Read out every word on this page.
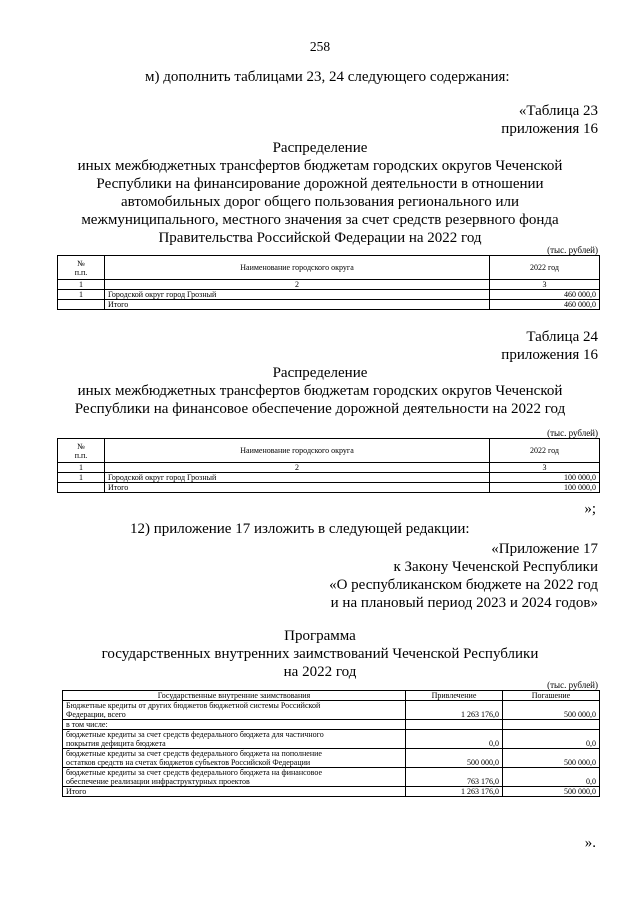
258
м) дополнить таблицами 23, 24 следующего содержания:
«Таблица 23
приложения 16
Распределение
иных межбюджетных трансфертов бюджетам городских округов Чеченской
Республики на финансирование дорожной деятельности в отношении
автомобильных дорог общего пользования регионального или
межмуниципального, местного значения за счет средств резервного фонда
Правительства Российской Федерации на 2022 год
(тыс. рублей)
№
п.п.	Наименование городского округа	2022 год
1	2	3
1	Городской округ город Грозный	460 000,0
	Итого	460 000,0
Таблица 24
приложения 16
Распределение
иных межбюджетных трансфертов бюджетам городских округов Чеченской
Республики на финансовое обеспечение дорожной деятельности на 2022 год
(тыс. рублей)
№
п.п.	Наименование городского округа	2022 год
1	2	3
1	Городской округ город Грозный	100 000,0
	Итого	100 000,0
»;
12) приложение 17 изложить в следующей редакции:
«Приложение 17
к Закону Чеченской Республики
«О республиканском бюджете на 2022 год
и на плановый период 2023 и 2024 годов»
Программа
государственных внутренних заимствований Чеченской Республики
на 2022 год
(тыс. рублей)
Государственные внутренние заимствования	Привлечение	Погашение

Бюджетные кредиты от других бюджетов бюджетной системы Российской
Федерации, всего	1 263 176,0	500 000,0
в том числе:		

бюджетные кредиты за счет средств федерального бюджета для частичного
покрытия дефицита бюджета	0,0	0,0

бюджетные кредиты за счет средств федерального бюджета на пополнение
остатков средств на счетах бюджетов субъектов Российской Федерации	500 000,0	500 000,0

бюджетные кредиты за счет средств федерального бюджета на финансовое
обеспечение реализации инфраструктурных проектов	763 176,0	0,0
Итого	1 263 176,0	500 000,0
».
